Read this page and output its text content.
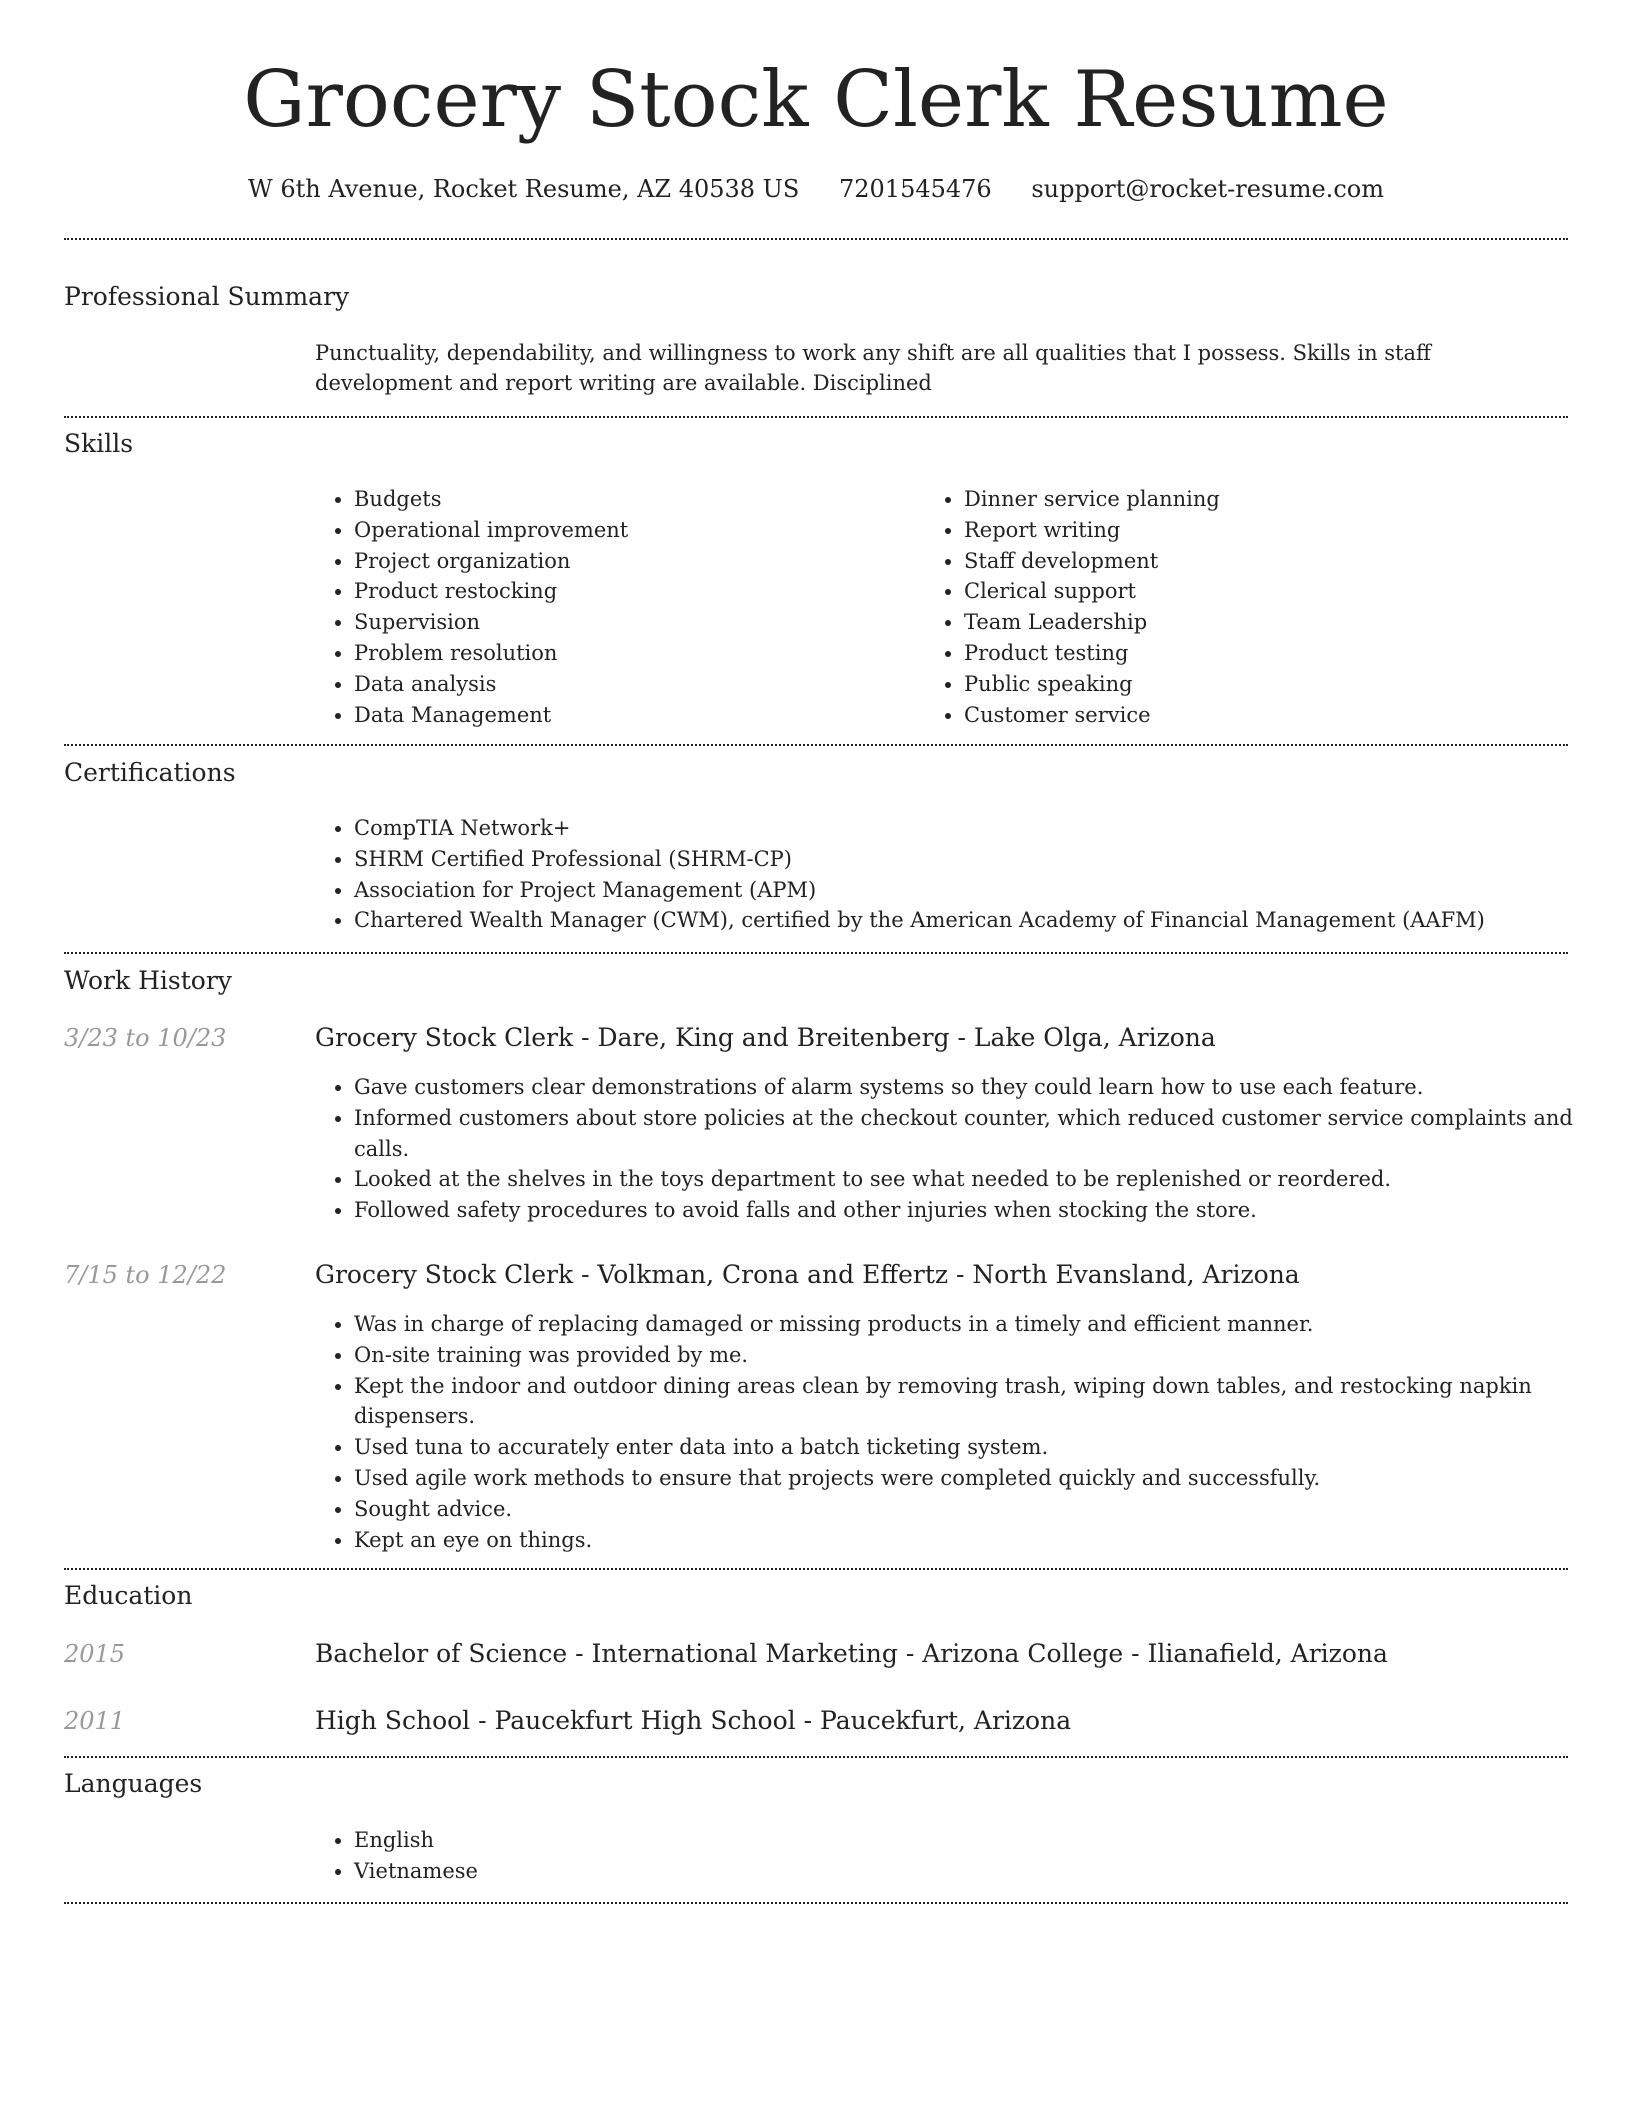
Grocery Stock Clerk Resume
W 6th Avenue, Rocket Resume, AZ 40538 US 7201545476 support@rocket-resume.com
Professional Summary
Punctuality, dependability, and willingness to work any shift are all qualities that I possess. Skills in staff development and report writing are available. Disciplined
Skills
• Budgets
• Operational improvement
• Project organization
• Product restocking
• Supervision
• Problem resolution
• Data analysis
• Data Management
• Dinner service planning
• Report writing
• Staff development
• Clerical support
• Team Leadership
• Product testing
• Public speaking
• Customer service
Certifications
• CompTIA Network+
• SHRM Certified Professional (SHRM-CP)
• Association for Project Management (APM)
• Chartered Wealth Manager (CWM), certified by the American Academy of Financial Management (AAFM)
Work History
3/23 to 10/23	Grocery Stock Clerk - Dare, King and Breitenberg - Lake Olga, Arizona
• Gave customers clear demonstrations of alarm systems so they could learn how to use each feature.
• Informed customers about store policies at the checkout counter, which reduced customer service complaints and calls.
• Looked at the shelves in the toys department to see what needed to be replenished or reordered.
• Followed safety procedures to avoid falls and other injuries when stocking the store.
7/15 to 12/22	Grocery Stock Clerk - Volkman, Crona and Effertz - North Evansland, Arizona
• Was in charge of replacing damaged or missing products in a timely and efficient manner.
• On-site training was provided by me.
• Kept the indoor and outdoor dining areas clean by removing trash, wiping down tables, and restocking napkin dispensers.
• Used tuna to accurately enter data into a batch ticketing system.
• Used agile work methods to ensure that projects were completed quickly and successfully.
• Sought advice.
• Kept an eye on things.
Education
2015	Bachelor of Science - International Marketing - Arizona College - Ilianafield, Arizona
2011	High School - Paucekfurt High School - Paucekfurt, Arizona
Languages
• English
• Vietnamese
